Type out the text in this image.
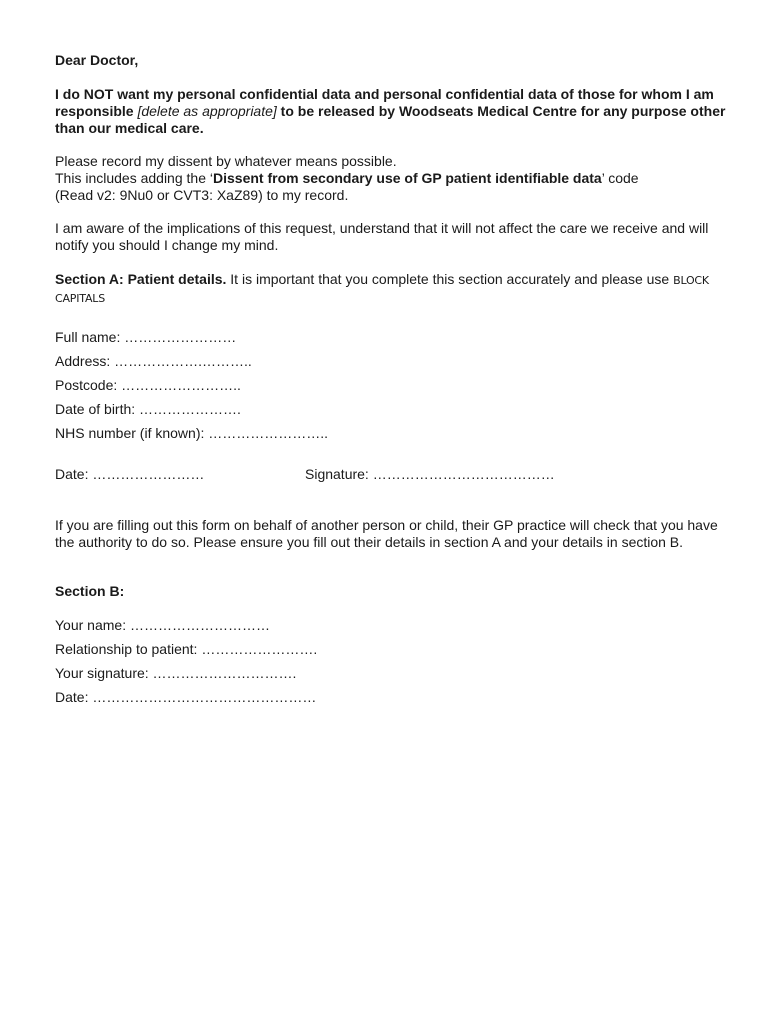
Dear Doctor,
I do NOT want my personal confidential data and personal confidential data of those for whom I am responsible [delete as appropriate] to be released by Woodseats Medical Centre for any purpose other than our medical care.
Please record my dissent by whatever means possible.
This includes adding the ‘Dissent from secondary use of GP patient identifiable data’ code
(Read v2: 9Nu0 or CVT3: XaZ89) to my record.
I am aware of the implications of this request, understand that it will not affect the care we receive and will notify you should I change my mind.
Section A: Patient details. It is important that you complete this section accurately and please use BLOCK CAPITALS
Full name: ……………………
Address: ……………….………..
Postcode: ……………………..
Date of birth: ………………….
NHS number (if known): ……………………..
Date: ……………………	Signature: …………………………………
If you are filling out this form on behalf of another person or child, their GP practice will check that you have the authority to do so. Please ensure you fill out their details in section A and your details in section B.
Section B:
Your name: …………………………
Relationship to patient: …………………….
Your signature: ………………………….
Date: …………………………………………
